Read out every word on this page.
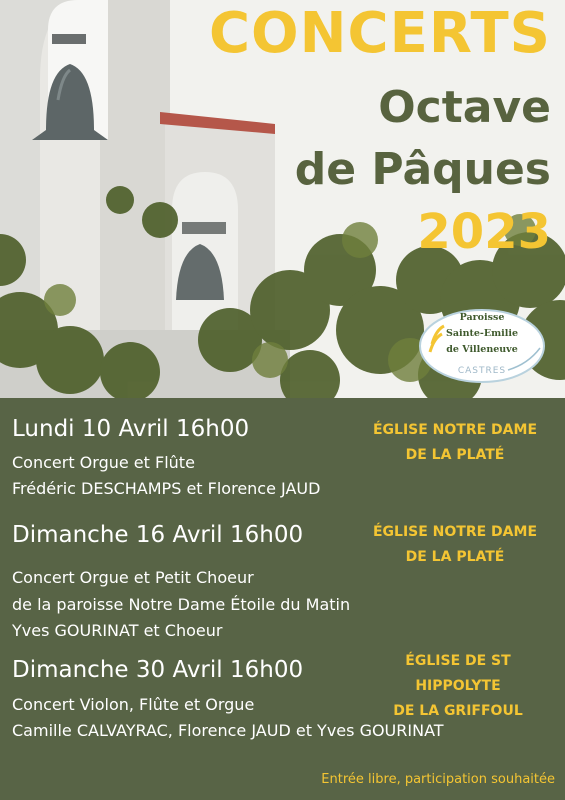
CONCERTS
Octave
de Pâques
2023
Paroisse
Sainte-Emilie
de Villeneuve
CASTRES
Lundi 10 Avril 16h00
Concert Orgue et Flûte
Frédéric DESCHAMPS et Florence JAUD
ÉGLISE NOTRE DAME
DE LA PLATÉ
Dimanche 16 Avril 16h00
Concert Orgue et Petit Choeur
de la paroisse Notre Dame Étoile du Matin
Yves GOURINAT et Choeur
ÉGLISE NOTRE DAME
DE LA PLATÉ
Dimanche 30 Avril 16h00
Concert Violon, Flûte et Orgue
Camille CALVAYRAC, Florence JAUD et Yves GOURINAT
ÉGLISE DE ST HIPPOLYTE
DE LA GRIFFOUL
Entrée libre, participation souhaitée
